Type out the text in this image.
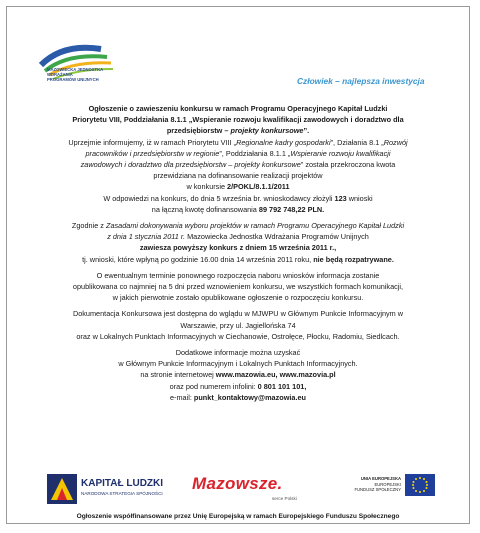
MAZOWIECKA JEDNOSTKA
WDRAŻANIA
PROGRAMÓW UNIJNYCH	Człowiek – najlepsza inwestycja

Ogłoszenie o zawieszeniu konkursu w ramach Programu Operacyjnego Kapitał Ludzki
Priorytetu VIII, Poddziałania 8.1.1 „Wspieranie rozwoju kwalifikacji zawodowych i doradztwo dla
przedsiębiorstw – projekty konkursowe”.

Uprzejmie informujemy, iż w ramach Priorytetu VIII „Regionalne kadry gospodarki”, Działania 8.1 „Rozwój
pracowników i przedsiębiorstw w regionie”, Poddziałania 8.1.1 „Wspieranie rozwoju kwalifikacji
zawodowych i doradztwo dla przedsiębiorstw – projekty konkursowe” została przekroczona kwota
przewidziana na dofinansowanie realizacji projektów
w konkursie 2/POKL/8.1.1/2011
W odpowiedzi na konkurs, do dnia 5 września br. wnioskodawcy złożyli 123 wnioski
na łączną kwotę dofinansowania 89 792 748,22 PLN.

Zgodnie z Zasadami dokonywania wyboru projektów w ramach Programu Operacyjnego Kapitał Ludzki
z dnia 1 stycznia 2011 r. Mazowiecka Jednostka Wdrażania Programów Unijnych
zawiesza powyższy konkurs z dniem 15 września 2011 r.,
tj. wnioski, które wpłyną po godzinie 16.00 dnia 14 września 2011 roku, nie będą rozpatrywane.

O ewentualnym terminie ponownego rozpoczęcia naboru wniosków informacja zostanie
opublikowana co najmniej na 5 dni przed wznowieniem konkursu, we wszystkich formach komunikacji,
w jakich pierwotnie zostało opublikowane ogłoszenie o rozpoczęciu konkursu.

Dokumentacja Konkursowa jest dostępna do wglądu w MJWPU w Głównym Punkcie Informacyjnym w
Warszawie, przy ul. Jagiellońska 74
oraz w Lokalnych Punktach Informacyjnych w Ciechanowie, Ostrołęce, Płocku, Radomiu, Siedlcach.

Dodatkowe informacje można uzyskać
w Głównym Punkcie Informacyjnym i Lokalnych Punktach Informacyjnych.
na stronie internetowej www.mazowia.eu, www.mazovia.pl
oraz pod numerem infolini: 0 801 101 101,
e-mail: punkt_kontaktowy@mazowia.eu

KAPITAŁ LUDZKI
NARODOWA STRATEGIA SPÓJNOŚCI
Mazowsze.
serce Polski
UNIA EUROPEJSKA
EUROPEJSKI
FUNDUSZ SPOŁECZNY
Ogłoszenie współfinansowane przez Unię Europejską w ramach Europejskiego Funduszu Społecznego
